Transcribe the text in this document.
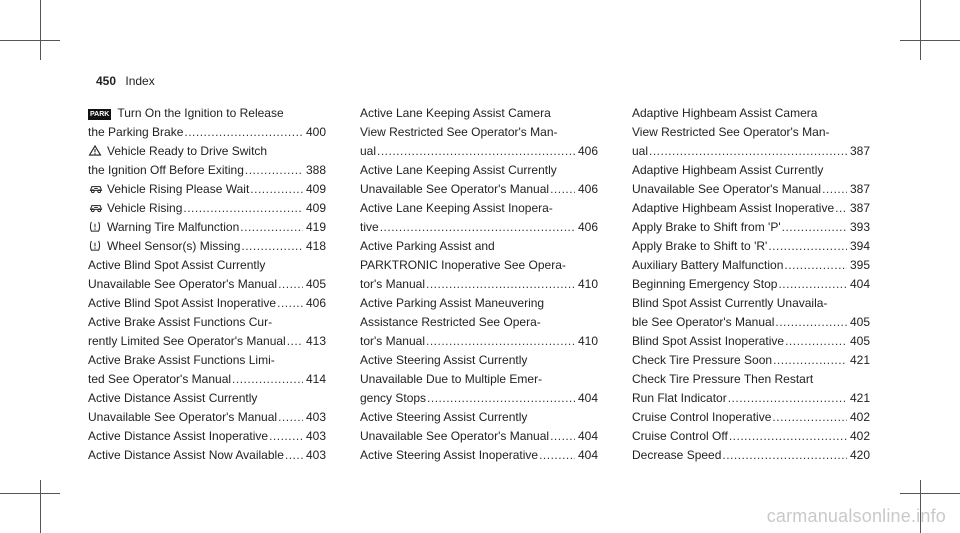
450 Index
PARK Turn On the Ignition to Release
the Parking Brake .....	400
Vehicle Ready to Drive Switch
the Ignition Off Before Exiting .....	388
Vehicle Rising Please Wait .....	409
Vehicle Rising .....	409
Warning Tire Malfunction .....	419
Wheel Sensor(s) Missing .....	418
Active Blind Spot Assist Currently
Unavailable See Operator's Manual ..... 405
Active Blind Spot Assist Inoperative ..... 406
Active Brake Assist Functions Cur-
rently Limited See Operator's Manual ..... 413
Active Brake Assist Functions Limi-
ted See Operator's Manual .....	414
Active Distance Assist Currently
Unavailable See Operator's Manual ..... 403
Active Distance Assist Inoperative .....	403
Active Distance Assist Now Available ..... 403
Active Lane Keeping Assist Camera
View Restricted See Operator's Man-
ual .....	406
Active Lane Keeping Assist Currently
Unavailable See Operator's Manual ..... 406
Active Lane Keeping Assist Inopera-
tive .....	406
Active Parking Assist and
PARKTRONIC Inoperative See Opera-
tor's Manual .....	410
Active Parking Assist Maneuvering
Assistance Restricted See Opera-
tor's Manual .....	410
Active Steering Assist Currently
Unavailable Due to Multiple Emer-
gency Stops .....	404
Active Steering Assist Currently
Unavailable See Operator's Manual ..... 404
Active Steering Assist Inoperative .....	404
Adaptive Highbeam Assist Camera
View Restricted See Operator's Man-
ual .....	387
Adaptive Highbeam Assist Currently
Unavailable See Operator's Manual ..... 387
Adaptive Highbeam Assist Inoperative ..... 387
Apply Brake to Shift from 'P' .....	393
Apply Brake to Shift to 'R' .....	394
Auxiliary Battery Malfunction .....	395
Beginning Emergency Stop .....	404
Blind Spot Assist Currently Unavaila-
ble See Operator's Manual .....	405
Blind Spot Assist Inoperative .....	405
Check Tire Pressure Soon .....	421
Check Tire Pressure Then Restart
Run Flat Indicator .....	421
Cruise Control Inoperative .....	402
Cruise Control Off .....	402
Decrease Speed .....	420
carmanualsonline.info
